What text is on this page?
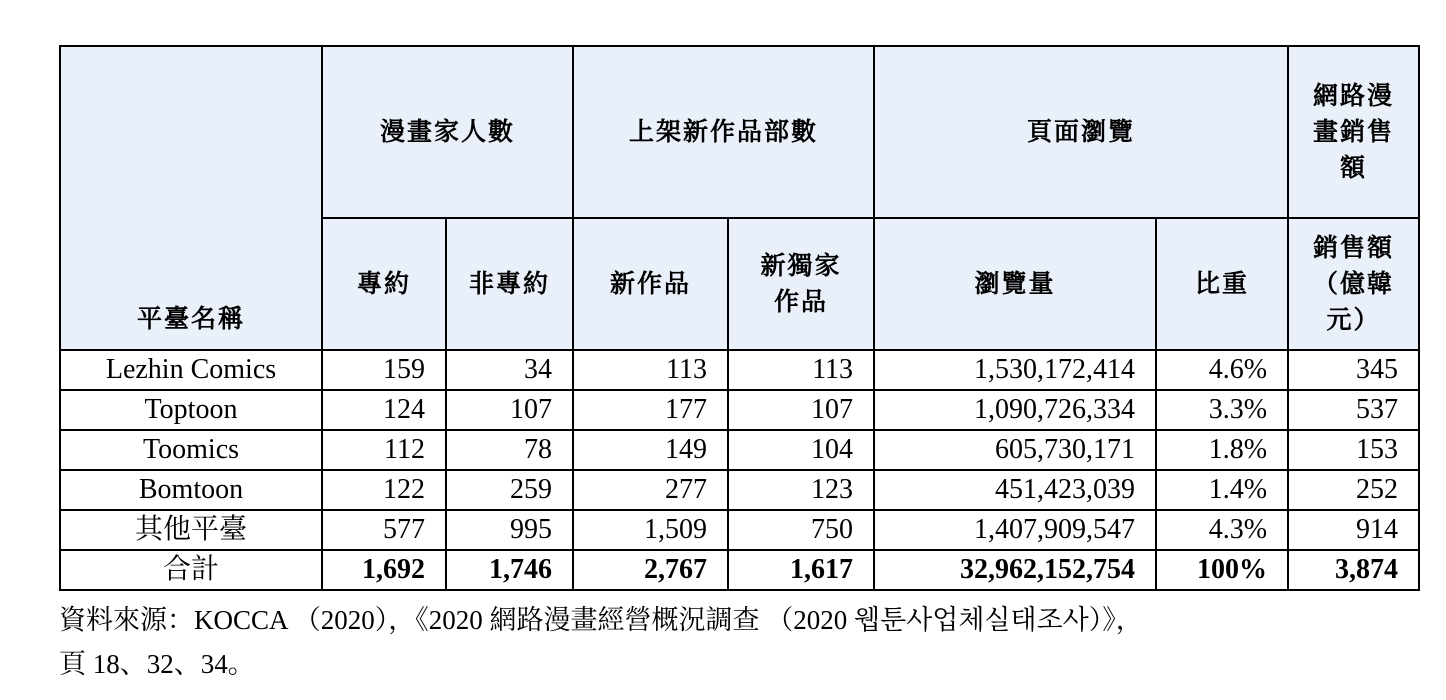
平臺名稱	漫畫家人數		上架新作品部數		頁面瀏覽		網路漫畫銷售額
	專約	非專約	新作品	新獨家作品	瀏覽量	比重	銷售額（億韓元）
Lezhin Comics	159	34	113	113	1,530,172,414	4.6%	345
Toptoon	124	107	177	107	1,090,726,334	3.3%	537
Toomics	112	78	149	104	605,730,171	1.8%	153
Bomtoon	122	259	277	123	451,423,039	1.4%	252
其他平臺	577	995	1,509	750	1,407,909,547	4.3%	914
合計	1,692	1,746	2,767	1,617	32,962,152,754	100%	3,874
資料來源：KOCCA （2020），《2020 網路漫畫經營概況調查 （2020 웹툰사업체실태조사）》，
頁 18、32、34。
